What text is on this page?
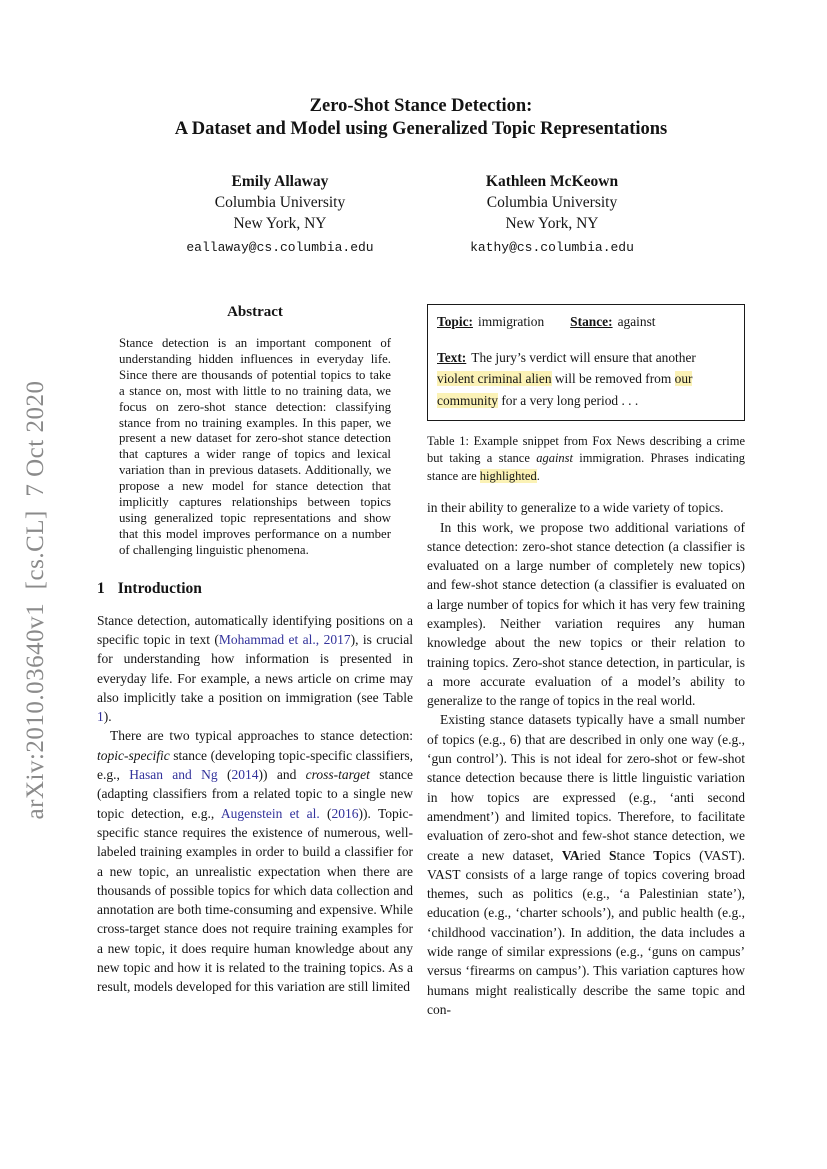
arXiv:2010.03640v1  [cs.CL]  7 Oct 2020
Zero-Shot Stance Detection:
A Dataset and Model using Generalized Topic Representations
Emily Allaway
Columbia University
New York, NY
eallaway@cs.columbia.edu
Kathleen McKeown
Columbia University
New York, NY
kathy@cs.columbia.edu
Abstract
Stance detection is an important component of understanding hidden influences in everyday life. Since there are thousands of potential topics to take a stance on, most with little to no training data, we focus on zero-shot stance detection: classifying stance from no training examples. In this paper, we present a new dataset for zero-shot stance detection that captures a wider range of topics and lexical variation than in previous datasets. Additionally, we propose a new model for stance detection that implicitly captures relationships between topics using generalized topic representations and show that this model improves performance on a number of challenging linguistic phenomena.
1 Introduction

Stance detection, automatically identifying positions on a specific topic in text (Mohammad et al., 2017), is crucial for understanding how information is presented in everyday life. For example, a news article on crime may also implicitly take a position on immigration (see Table 1).

There are two typical approaches to stance detection: topic-specific stance (developing topic-specific classifiers, e.g., Hasan and Ng (2014)) and cross-target stance (adapting classifiers from a related topic to a single new topic detection, e.g., Augenstein et al. (2016)). Topic-specific stance requires the existence of numerous, well-labeled training examples in order to build a classifier for a new topic, an unrealistic expectation when there are thousands of possible topics for which data collection and annotation are both time-consuming and expensive. While cross-target stance does not require training examples for a new topic, it does require human knowledge about any new topic and how it is related to the training topics. As a result, models developed for this variation are still limited

Topic: immigration Stance: against
Text: The jury’s verdict will ensure that another violent criminal alien will be removed from our community for a very long period . . .
Table 1: Example snippet from Fox News describing a crime but taking a stance against immigration. Phrases indicating stance are highlighted.

in their ability to generalize to a wide variety of topics.

In this work, we propose two additional variations of stance detection: zero-shot stance detection (a classifier is evaluated on a large number of completely new topics) and few-shot stance detection (a classifier is evaluated on a large number of topics for which it has very few training examples). Neither variation requires any human knowledge about the new topics or their relation to training topics. Zero-shot stance detection, in particular, is a more accurate evaluation of a model’s ability to generalize to the range of topics in the real world.

Existing stance datasets typically have a small number of topics (e.g., 6) that are described in only one way (e.g., ‘gun control’). This is not ideal for zero-shot or few-shot stance detection because there is little linguistic variation in how topics are expressed (e.g., ‘anti second amendment’) and limited topics. Therefore, to facilitate evaluation of zero-shot and few-shot stance detection, we create a new dataset, VAried Stance Topics (VAST). VAST consists of a large range of topics covering broad themes, such as politics (e.g., ‘a Palestinian state’), education (e.g., ‘charter schools’), and public health (e.g., ‘childhood vaccination’). In addition, the data includes a wide range of similar expressions (e.g., ‘guns on campus’ versus ‘firearms on campus’). This variation captures how humans might realistically describe the same topic and con-
